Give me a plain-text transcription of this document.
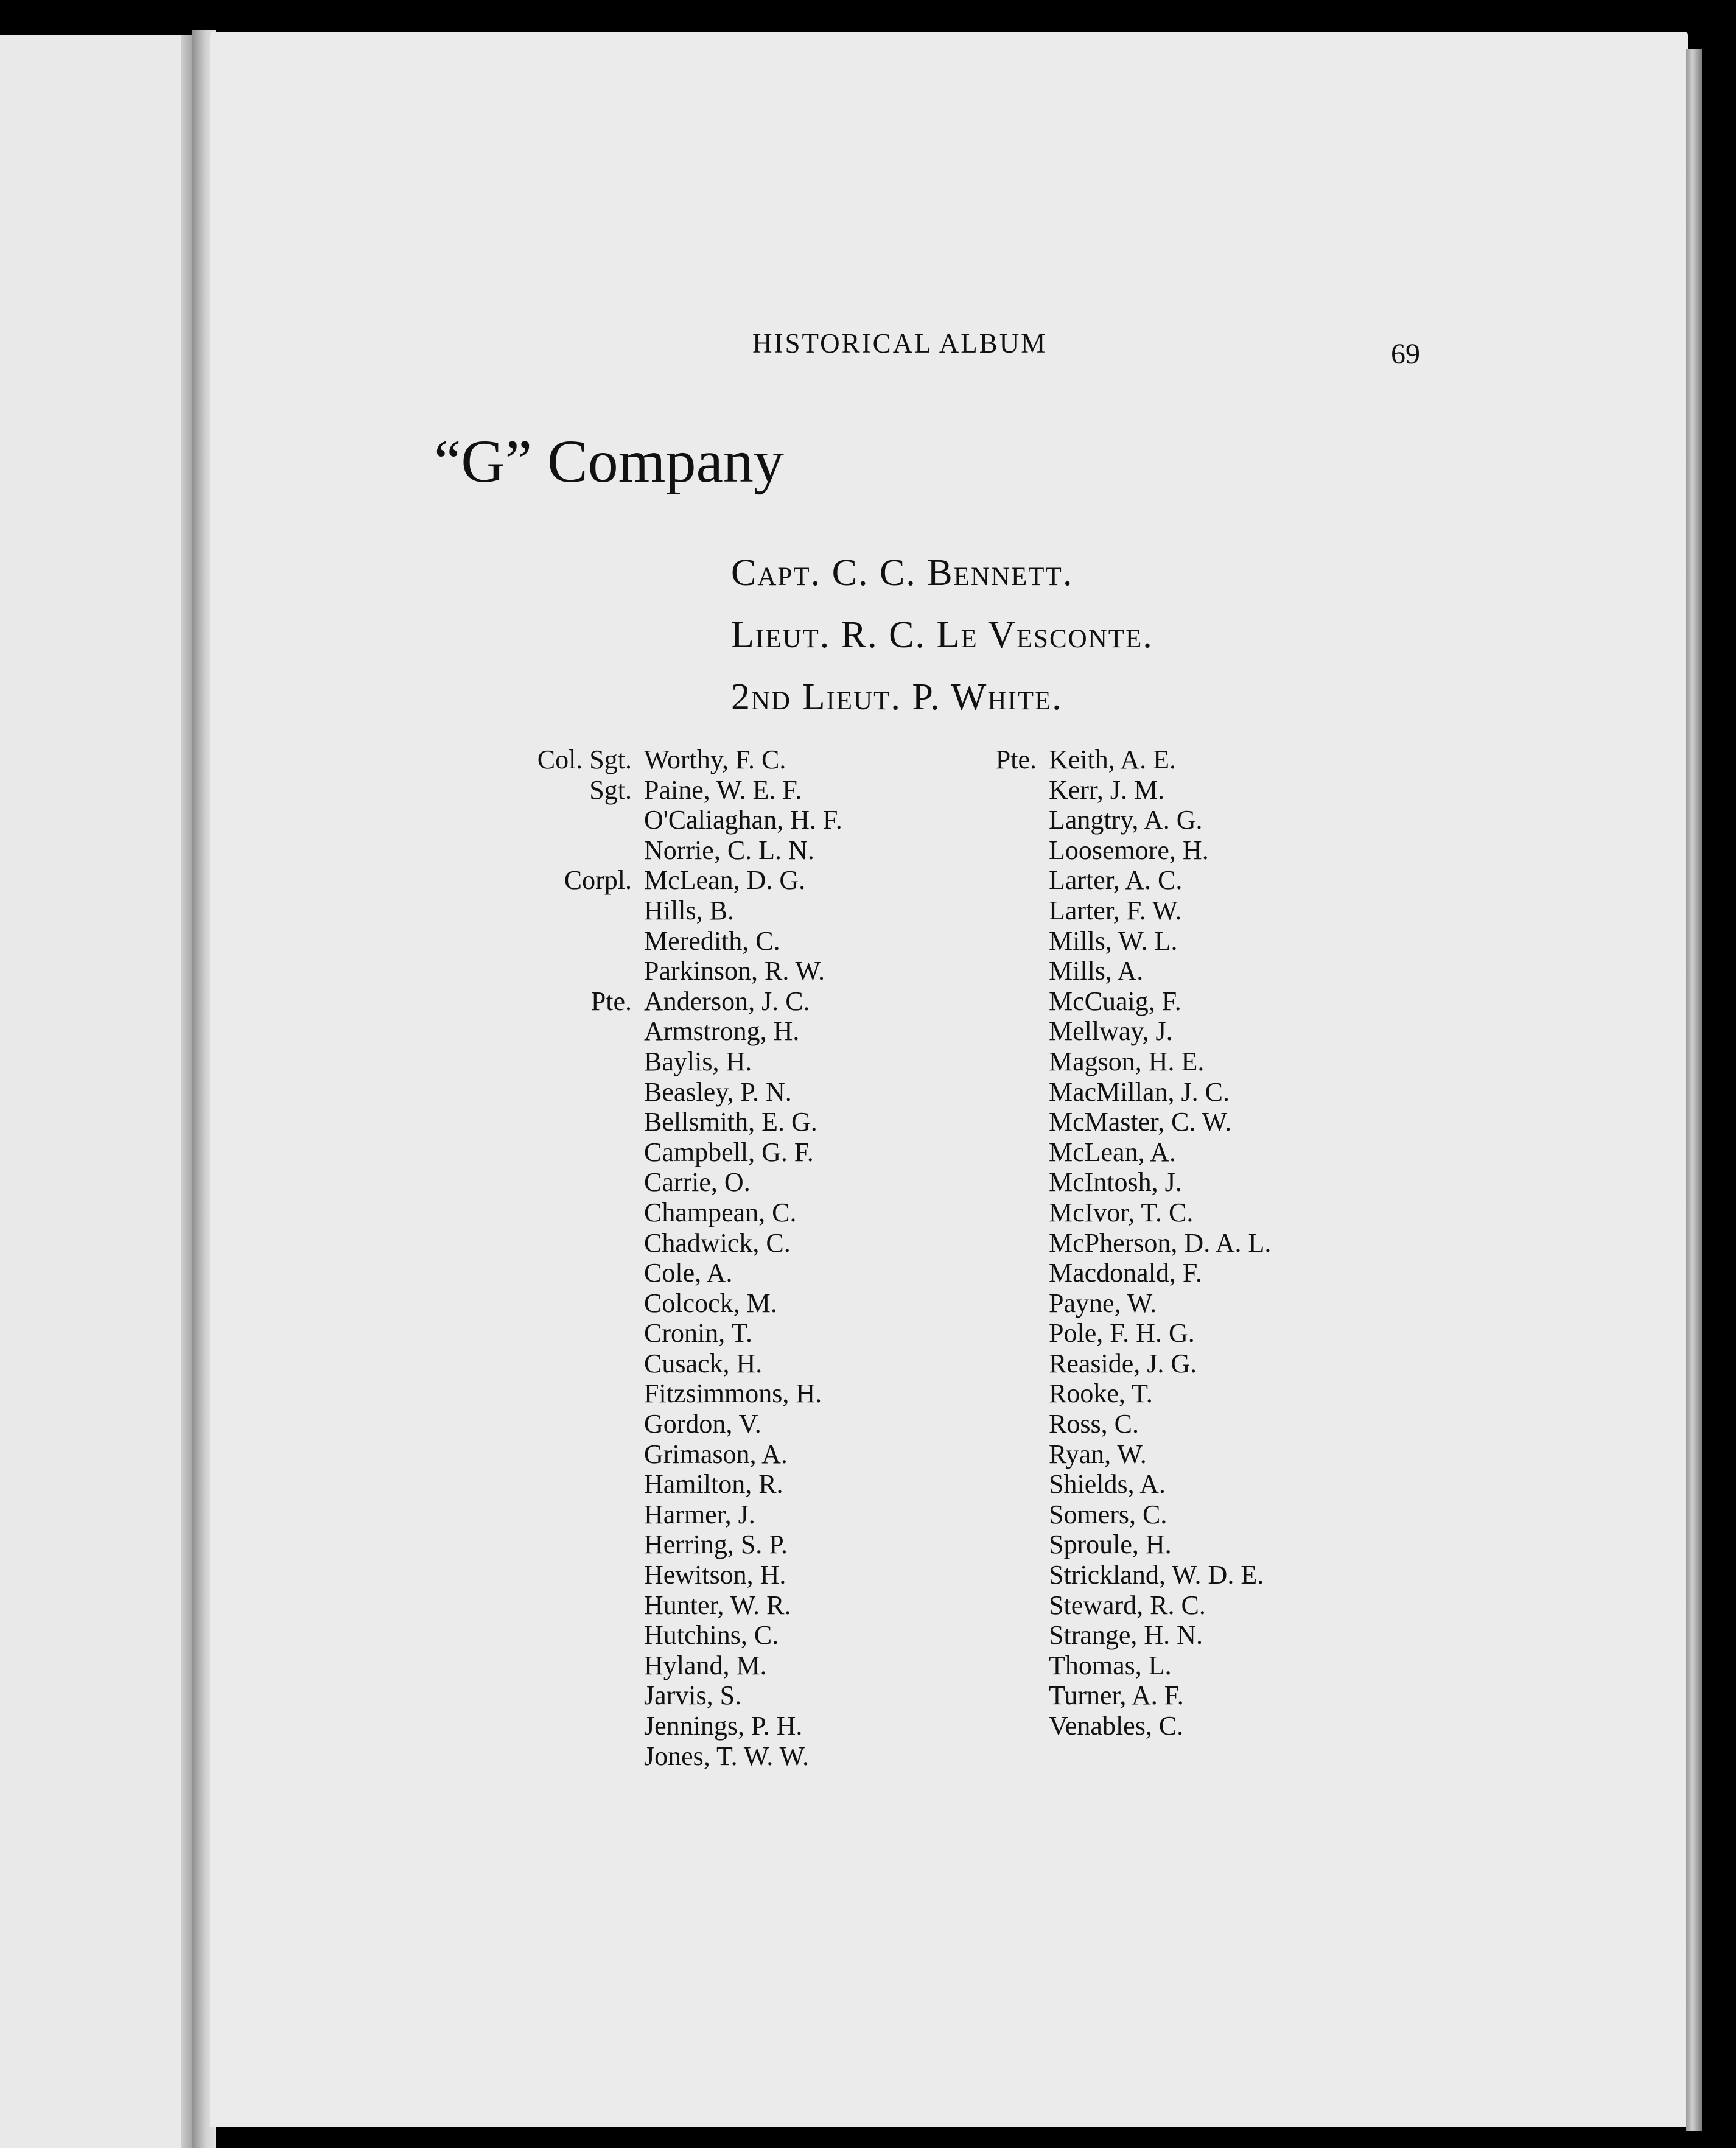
HISTORICAL ALBUM	69
“G” Company
Capt. C. C. Bennett.
Lieut. R. C. Le Vesconte.
2nd Lieut. P. White.
Col. Sgt. Worthy, F. C.
Sgt. Paine, W. E. F.
O'Caliaghan, H. F.
Norrie, C. L. N.
Corpl. McLean, D. G.
Hills, B.
Meredith, C.
Parkinson, R. W.
Pte. Anderson, J. C.
Armstrong, H.
Baylis, H.
Beasley, P. N.
Bellsmith, E. G.
Campbell, G. F.
Carrie, O.
Champean, C.
Chadwick, C.
Cole, A.
Colcock, M.
Cronin, T.
Cusack, H.
Fitzsimmons, H.
Gordon, V.
Grimason, A.
Hamilton, R.
Harmer, J.
Herring, S. P.
Hewitson, H.
Hunter, W. R.
Hutchins, C.
Hyland, M.
Jarvis, S.
Jennings, P. H.
Jones, T. W. W.
Pte. Keith, A. E.
Kerr, J. M.
Langtry, A. G.
Loosemore, H.
Larter, A. C.
Larter, F. W.
Mills, W. L.
Mills, A.
McCuaig, F.
Mellway, J.
Magson, H. E.
MacMillan, J. C.
McMaster, C. W.
McLean, A.
McIntosh, J.
McIvor, T. C.
McPherson, D. A. L.
Macdonald, F.
Payne, W.
Pole, F. H. G.
Reaside, J. G.
Rooke, T.
Ross, C.
Ryan, W.
Shields, A.
Somers, C.
Sproule, H.
Strickland, W. D. E.
Steward, R. C.
Strange, H. N.
Thomas, L.
Turner, A. F.
Venables, C.
